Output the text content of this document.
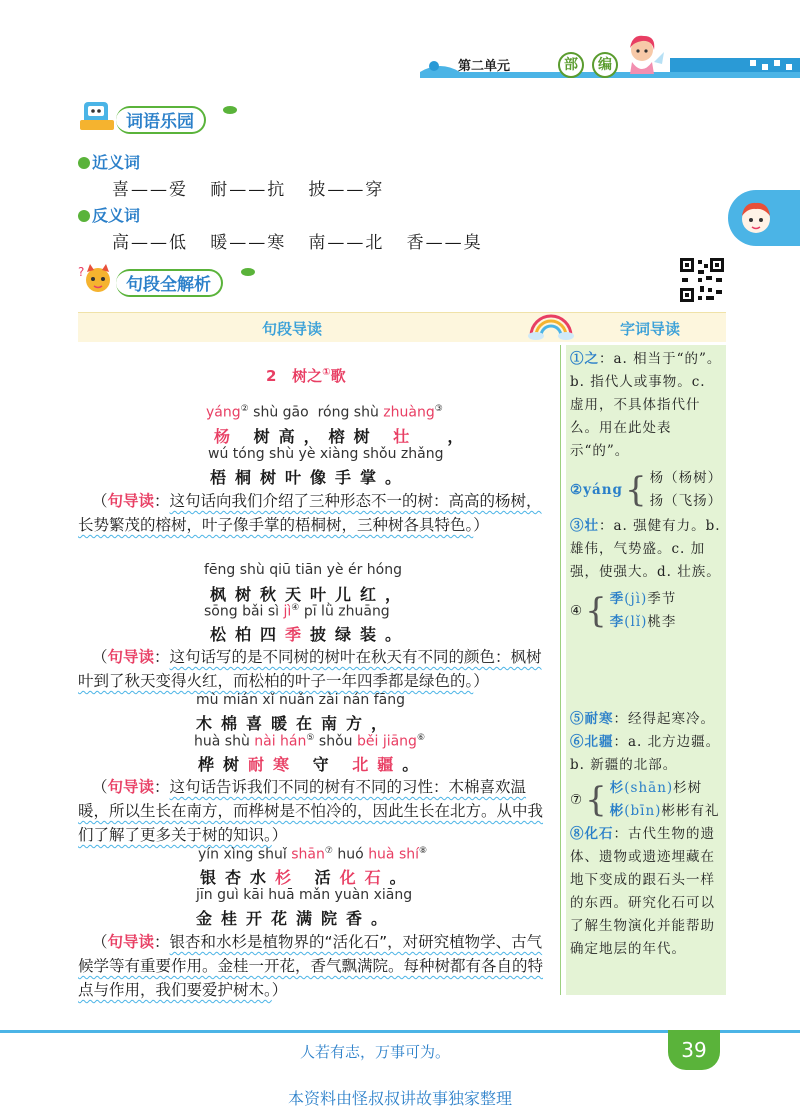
第二单元	部	编
词语乐园
近义词
喜——爱   耐——抗   披——穿
反义词
高——低   暖——寒   南——北   香——臭
?
句段全解析
句段导读	字词导读
2 树之①歌
yáng② shù gāo  róng shù zhuàng③
杨 树高，榕树 壮  ，
wú tóng shù yè xiàng shǒu zhǎng
梧桐树叶像手掌。
（句导读：这句话向我们介绍了三种形态不一的树：高高的杨树，长势繁茂的榕树，叶子像手掌的梧桐树，三种树各具特色。）
fēng shù qiū tiān yè ér hóng
枫树秋天叶儿红，
sōng bǎi sì jì④ pī lǜ zhuāng
松柏四季披绿装。
（句导读：这句话写的是不同树的树叶在秋天有不同的颜色：枫树叶到了秋天变得火红，而松柏的叶子一年四季都是绿色的。）
mù mián xǐ nuǎn zài nán fāng
木棉喜暖在南方，
huà shù nài hán⑤ shǒu běi jiāng⑥
桦树耐寒 守 北疆。
（句导读：这句话告诉我们不同的树有不同的习性：木棉喜欢温暖，所以生长在南方，而桦树是不怕冷的，因此生长在北方。从中我们了解了更多关于树的知识。）
yín xìng shuǐ shān⑦ huó huà shí⑧
银杏水杉 活化石。
jīn guì kāi huā mǎn yuàn xiāng
金桂开花满院香。
（句导读：银杏和水杉是植物界的“活化石”，对研究植物学、古气候学等有重要作用。金桂一开花，香气飘满院。每种树都有各自的特点与作用，我们要爱护树木。）
①之：a. 相当于“的”。b. 指代人或事物。c. 虚用，不具体指代什么。用在此处表示“的”。
②yáng { 杨（杨树）
扬（飞扬）
③壮：a. 强健有力。b. 雄伟，气势盛。c. 加强，使强大。d. 壮族。
④ { 季(jì)季节
李(lǐ)桃李
⑤耐寒：经得起寒冷。
⑥北疆：a. 北方边疆。b. 新疆的北部。
⑦ { 杉(shān)杉树
彬(bīn)彬彬有礼
⑧化石：古代生物的遗体、遗物或遗迹埋藏在地下变成的跟石头一样的东西。研究化石可以了解生物演化并能帮助确定地层的年代。
人若有志，万事可为。	39
本资料由怪叔叔讲故事独家整理
